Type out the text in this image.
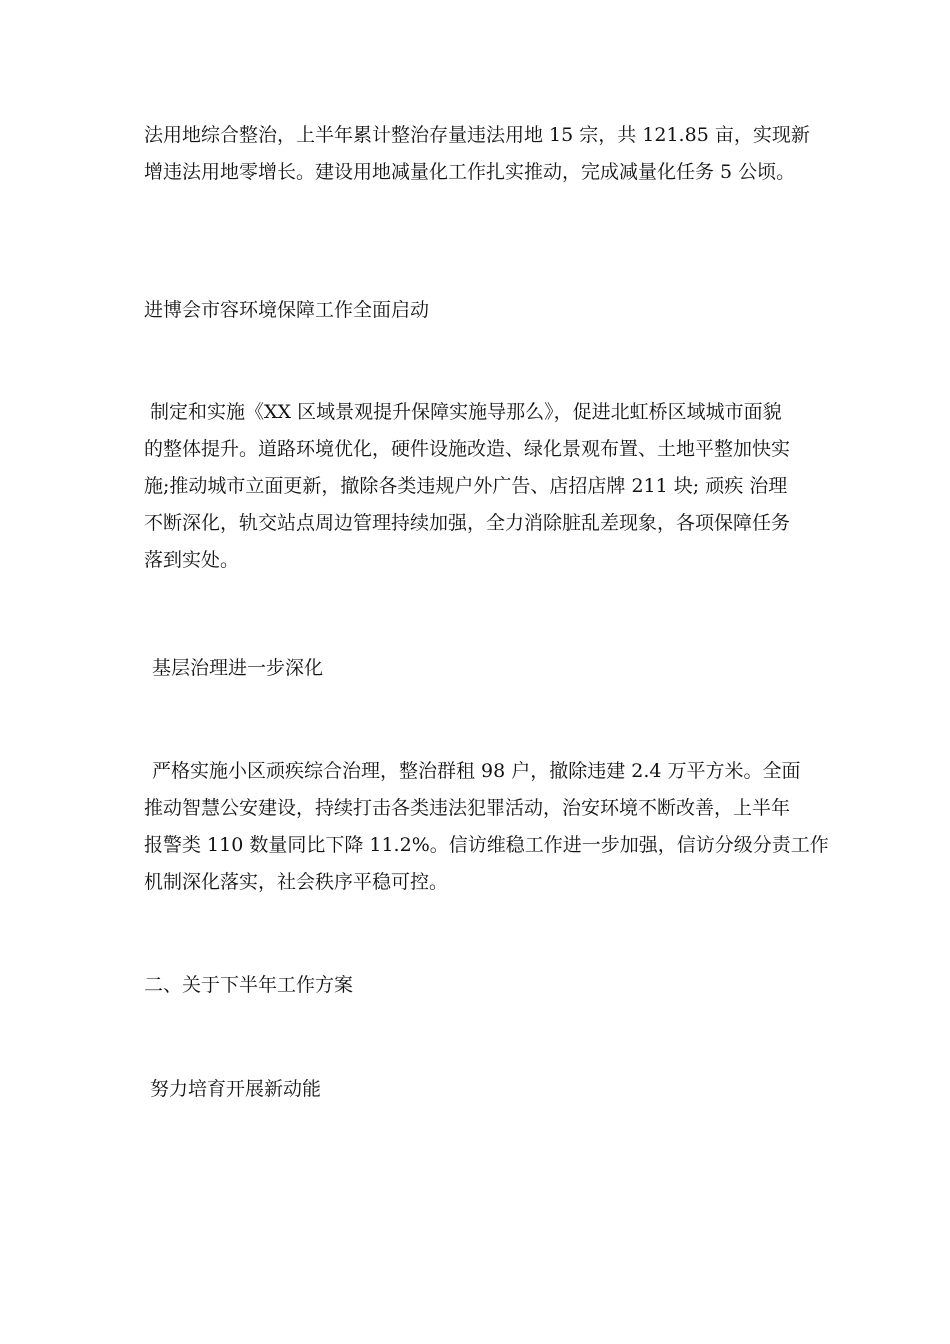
法用地综合整治，上半年累计整治存量违法用地 15 宗，共 121.85 亩，实现新
增违法用地零增长。建设用地减量化工作扎实推动，完成减量化任务 5 公顷。

进博会市容环境保障工作全面启动

制定和实施《XX 区域景观提升保障实施导那么》，促进北虹桥区域城市面貌
的整体提升。道路环境优化，硬件设施改造、绿化景观布置、土地平整加快实
施;推动城市立面更新，撤除各类违规户外广告、店招店牌 211 块; 顽疾 治理
不断深化，轨交站点周边管理持续加强，全力消除脏乱差现象，各项保障任务
落到实处。

基层治理进一步深化

严格实施小区顽疾综合治理，整治群租 98 户，撤除违建 2.4 万平方米。全面
推动智慧公安建设，持续打击各类违法犯罪活动，治安环境不断改善，上半年
报警类 110 数量同比下降 11.2%。信访维稳工作进一步加强，信访分级分责工作
机制深化落实，社会秩序平稳可控。

二、关于下半年工作方案
努力培育开展新动能
